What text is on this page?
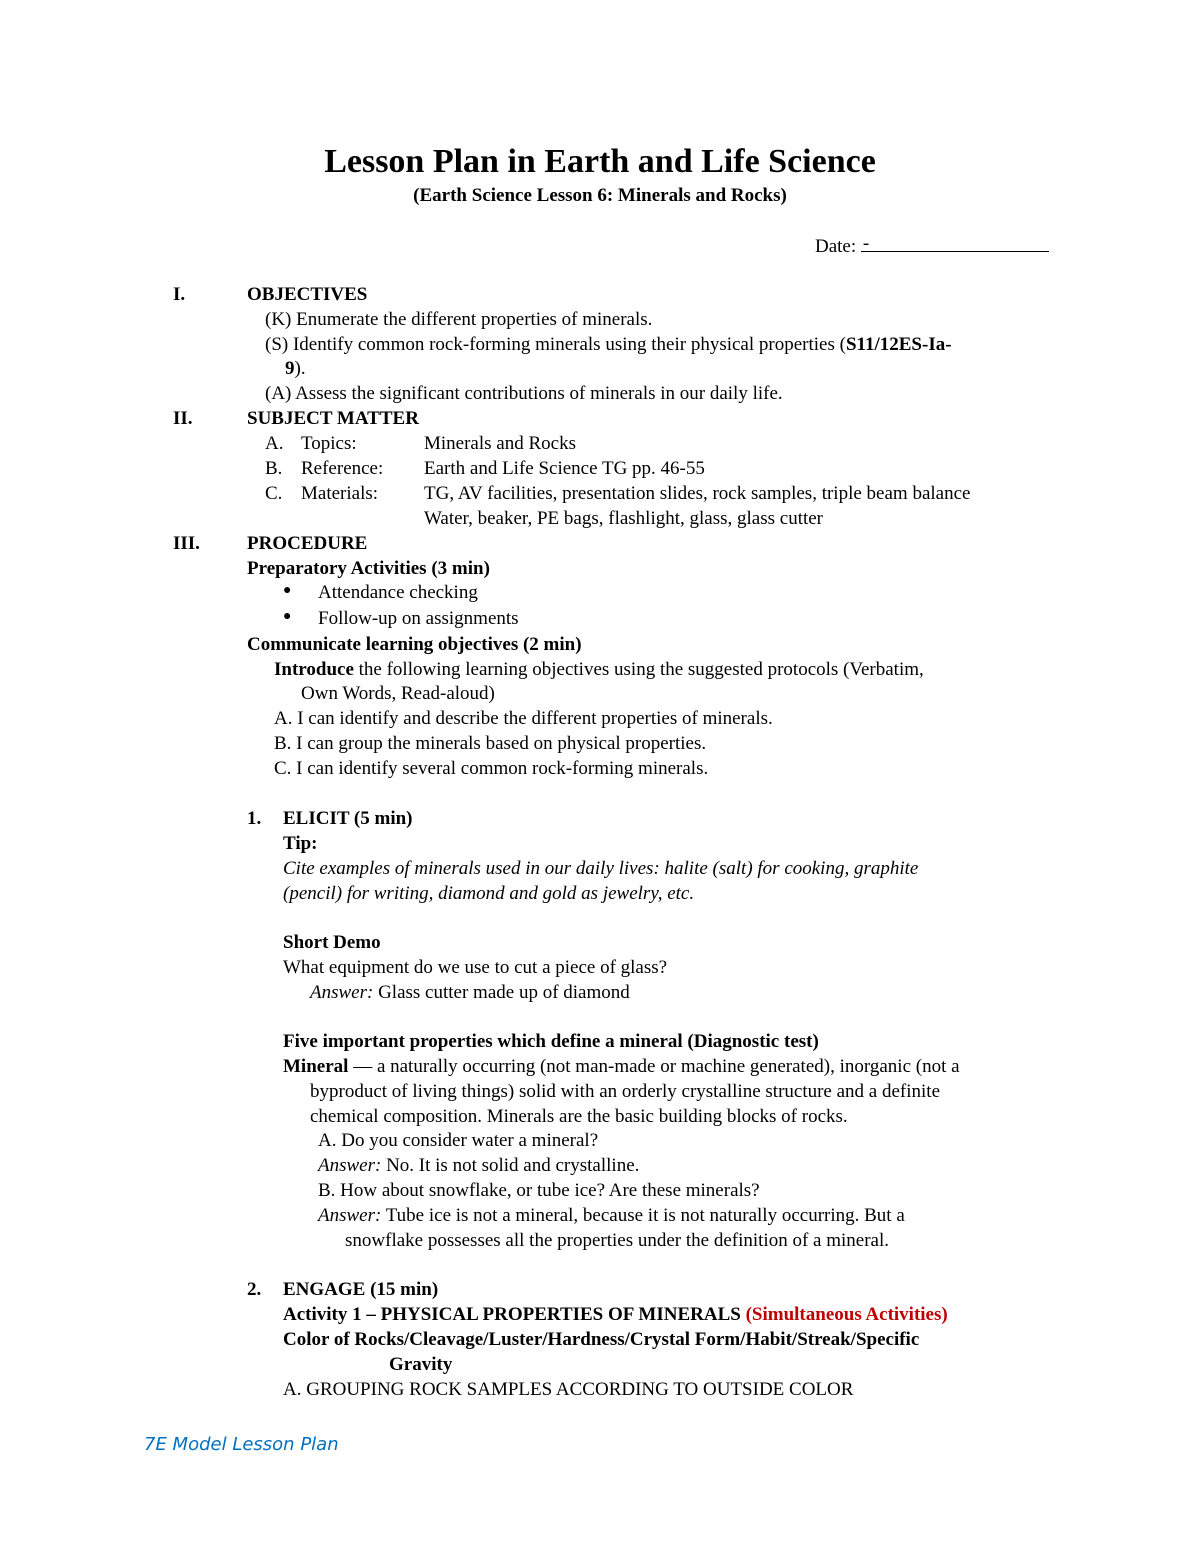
Lesson Plan in Earth and Life Science
(Earth Science Lesson 6: Minerals and Rocks)
Date: -
I.	OBJECTIVES
(K) Enumerate the different properties of minerals.
(S) Identify common rock-forming minerals using their physical properties (S11/12ES-Ia-
9).
(A) Assess the significant contributions of minerals in our daily life.
II.	SUBJECT MATTER
A. Topics:	Minerals and Rocks
B. Reference: Earth and Life Science TG pp. 46-55
C. Materials: TG, AV facilities, presentation slides, rock samples, triple beam balance
Water, beaker, PE bags, flashlight, glass, glass cutter
III. PROCEDURE
Preparatory Activities (3 min)
● Attendance checking
● Follow-up on assignments
Communicate learning objectives (2 min)
Introduce the following learning objectives using the suggested protocols (Verbatim,
Own Words, Read-aloud)
A. I can identify and describe the different properties of minerals.
B. I can group the minerals based on physical properties.
C. I can identify several common rock-forming minerals.
1. ELICIT (5 min)
Tip:
Cite examples of minerals used in our daily lives: halite (salt) for cooking, graphite
(pencil) for writing, diamond and gold as jewelry, etc.
Short Demo
What equipment do we use to cut a piece of glass?
Answer: Glass cutter made up of diamond
Five important properties which define a mineral (Diagnostic test)
Mineral — a naturally occurring (not man-made or machine generated), inorganic (not a
byproduct of living things) solid with an orderly crystalline structure and a definite
chemical composition. Minerals are the basic building blocks of rocks.
A. Do you consider water a mineral?
Answer: No. It is not solid and crystalline.
B. How about snowflake, or tube ice? Are these minerals?
Answer: Tube ice is not a mineral, because it is not naturally occurring. But a
snowflake possesses all the properties under the definition of a mineral.
2. ENGAGE (15 min)
Activity 1 – PHYSICAL PROPERTIES OF MINERALS (Simultaneous Activities)
Color of Rocks/Cleavage/Luster/Hardness/Crystal Form/Habit/Streak/Specific
Gravity
A. GROUPING ROCK SAMPLES ACCORDING TO OUTSIDE COLOR
7E Model Lesson Plan
